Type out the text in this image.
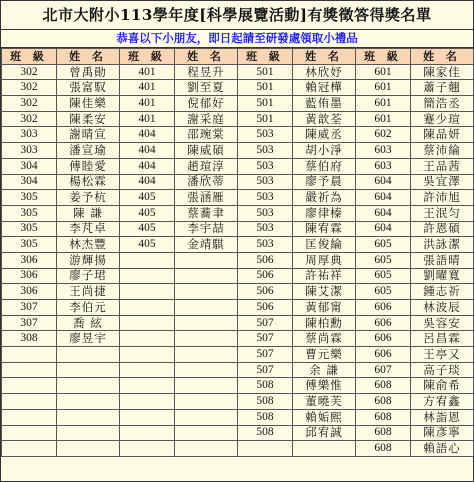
北市大附小113學年度[科學展覽活動]有獎徵答得獎名單
恭喜以下小朋友，即日起請至研發處領取小禮品
班 級	姓 名	班 級	姓 名	班 級	姓 名	班 級	姓 名
302	曾禹勛	401	程昱升	501	林欣妤	601	陳家佳
302	張富馭	401	劉至夏	501	賴冠樺	601	蕭子翹
302	陳佳樂	401	倪郁好	501	藍侑墨	601	簡浩丞
302	陳柔安	401	謝采庭	501	黃歆荃	601	蹇少瑄
303	謝晴宣	404	邵琬棠	503	陳威丞	602	陳品妍
303	潘宣瑜	404	陳威碩	503	胡小淨	603	蔡沛綸
304	傅睦愛	404	趙瑄淳	503	蔡伯府	603	王品茜
304	楊松霖	404	潘欣蒂	503	廖予晨	604	吳宜澤
305	姜予杭	405	張涵雁	503	嚴祈為	604	許沛旭
305	陳 謙	405	蔡蕎聿	503	廖律榛	604	王泯匀
305	李芃卓	405	李宇喆	503	陳宥霖	604	許恩碩
305	林杰豐	405	金靖騏	503	匡俊綸	605	洪詠潔
306	游輝揚			506	周厚典	605	張語晴
306	廖子珺			506	許祐祥	605	劉曜寬
306	王尚捷			506	陳艾潔	605	鍾志祈
307	李伯元			506	黃郁甯	606	林波辰
307	喬 絃			507	陳柏勳	606	吳容安
308	廖昱宇			507	蔡尚霖	606	呂昌霖
				507	曹元樂	606	王亭又
				507	余 謙	607	高子琰
				508	傅樂惟	608	陳俞希
				508	董曉芙	608	方宥鑫
				508	賴姤熙	608	林詣恩
				508	邱宥誠	608	陳彥寧
						608	賴語心
